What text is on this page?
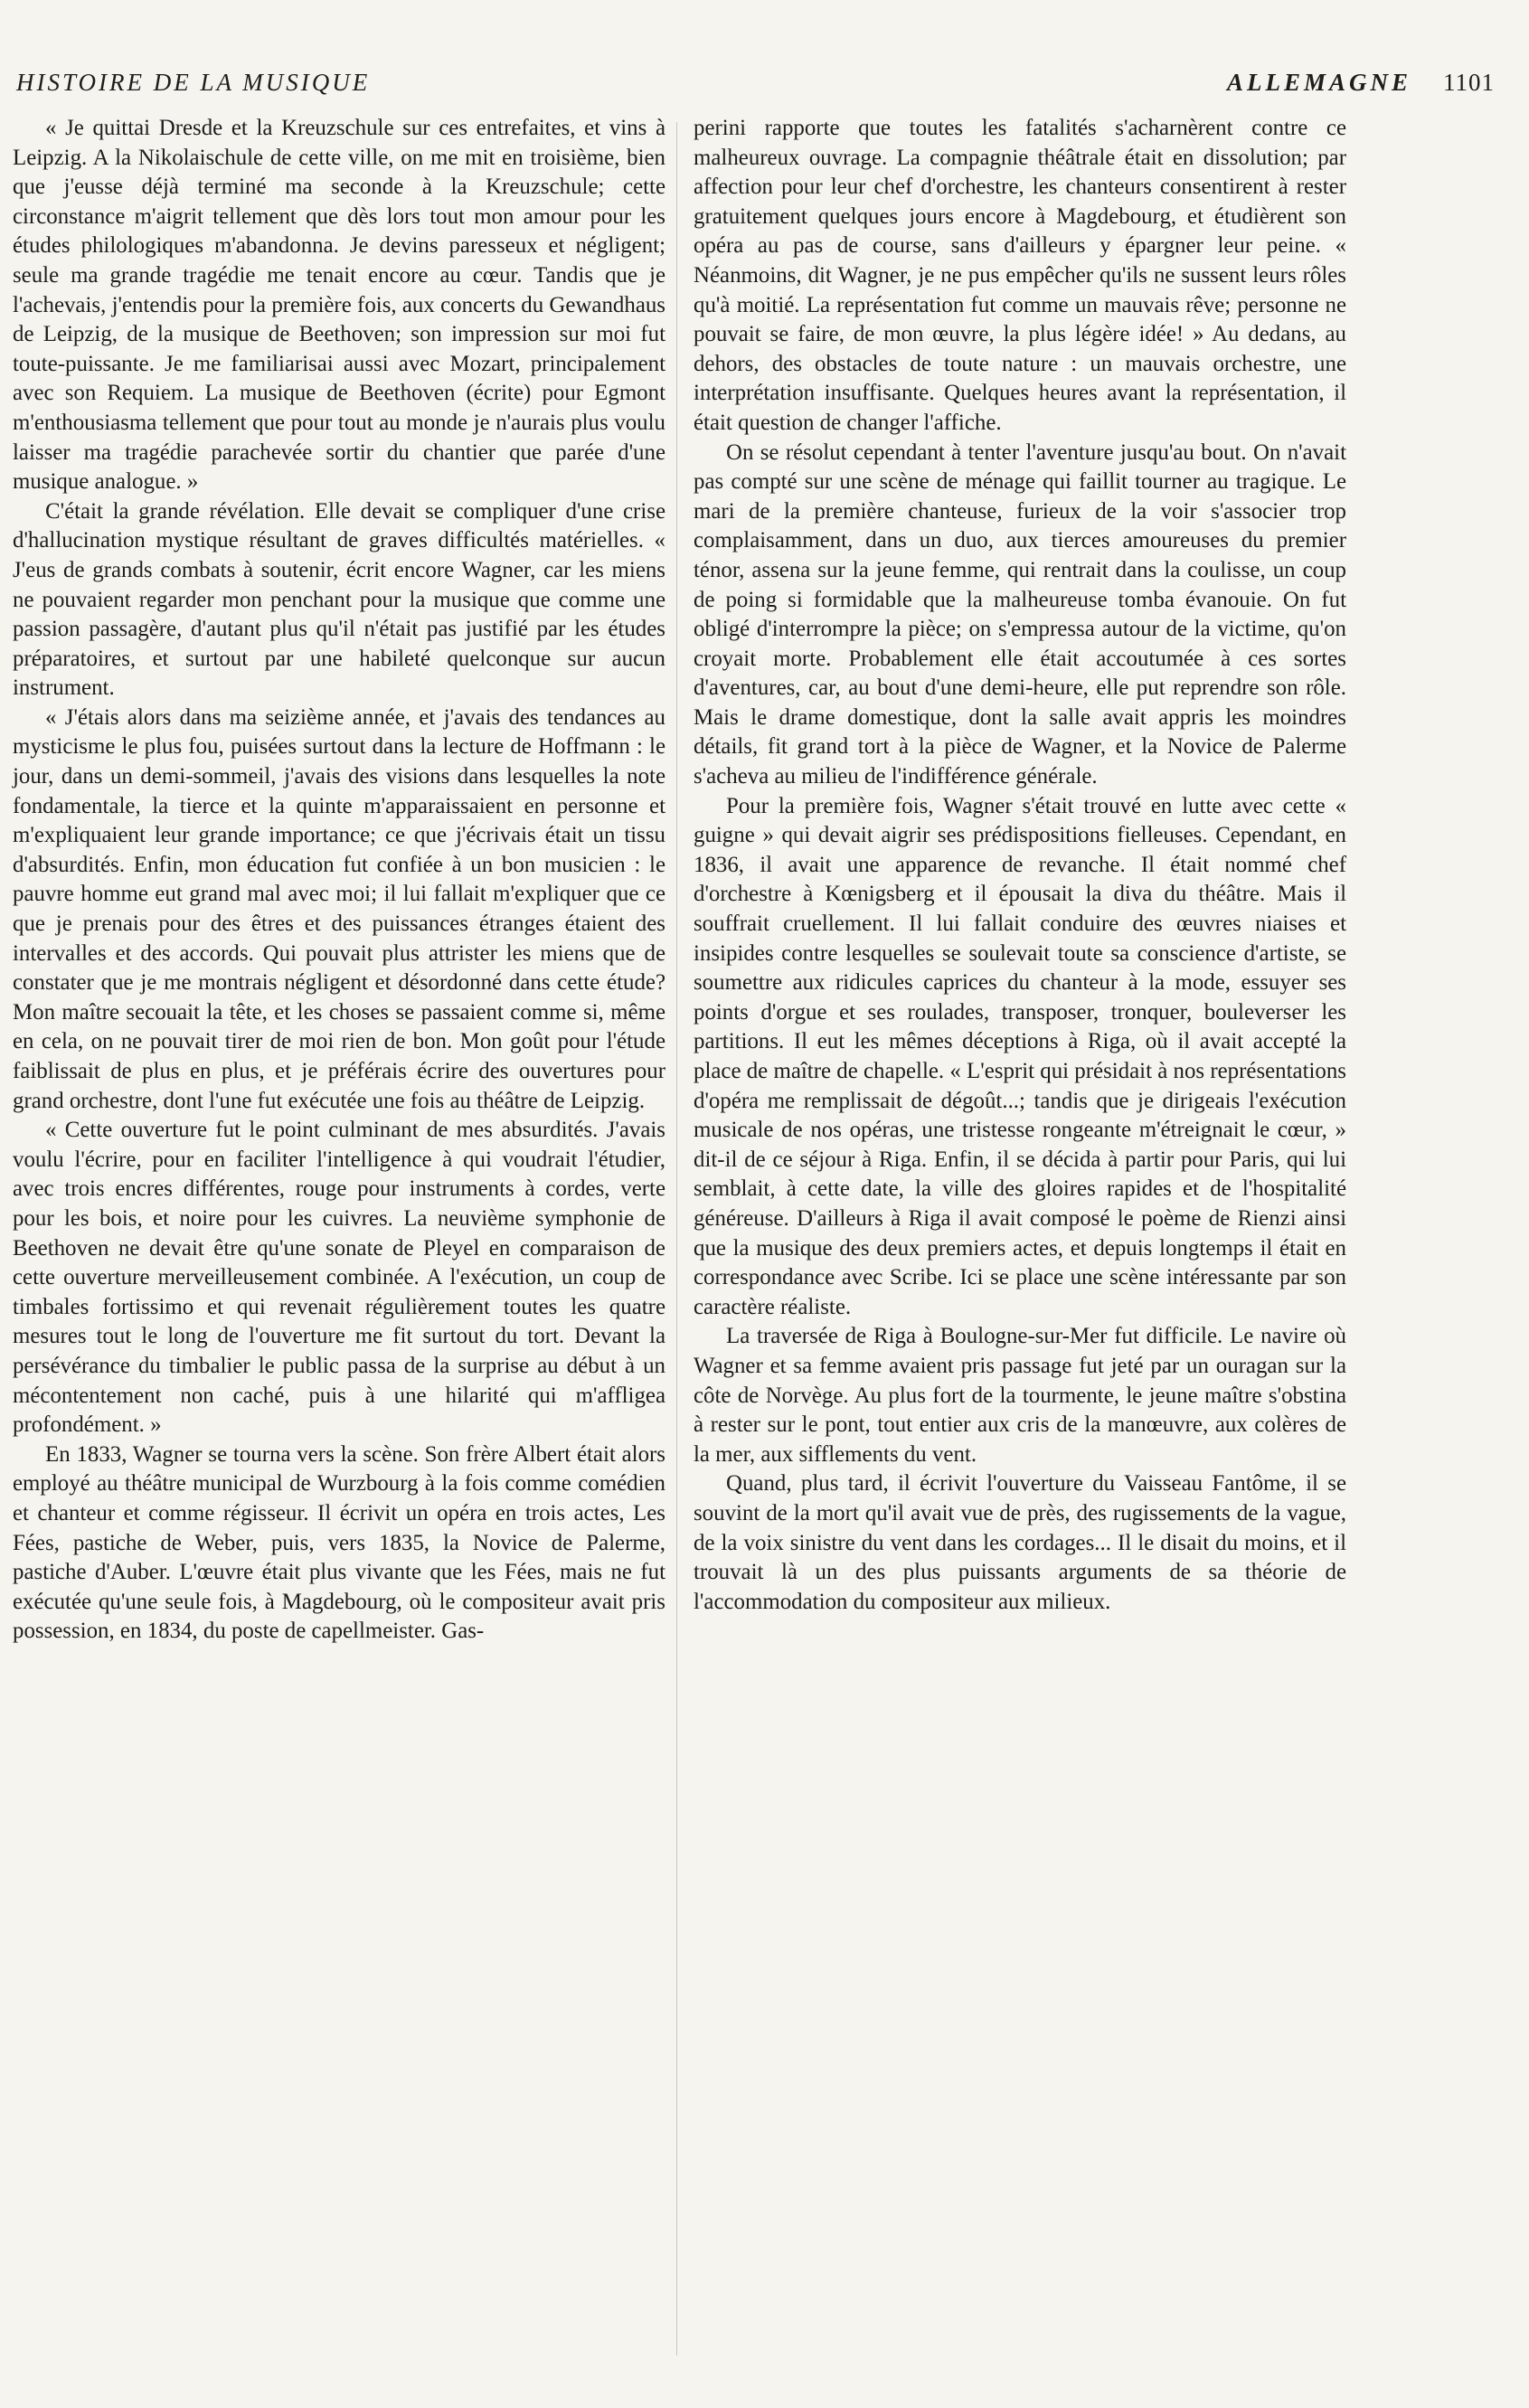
HISTOIRE DE LA MUSIQUE	ALLEMAGNE 1101

« Je quittai Dresde et la Kreuzschule sur ces entrefaites, et vins à Leipzig. A la Nikolaischule de cette ville, on me mit en troisième, bien que j'eusse déjà terminé ma seconde à la Kreuzschule; cette circonstance m'aigrit tellement que dès lors tout mon amour pour les études philologiques m'abandonna. Je devins paresseux et négligent; seule ma grande tragédie me tenait encore au cœur. Tandis que je l'achevais, j'entendis pour la première fois, aux concerts du Gewandhaus de Leipzig, de la musique de Beethoven; son impression sur moi fut toute-puissante. Je me familiarisai aussi avec Mozart, principalement avec son Requiem. La musique de Beethoven (écrite) pour Egmont m'enthousiasma tellement que pour tout au monde je n'aurais plus voulu laisser ma tragédie parachevée sortir du chantier que parée d'une musique analogue. »

C'était la grande révélation. Elle devait se compliquer d'une crise d'hallucination mystique résultant de graves difficultés matérielles. « J'eus de grands combats à soutenir, écrit encore Wagner, car les miens ne pouvaient regarder mon penchant pour la musique que comme une passion passagère, d'autant plus qu'il n'était pas justifié par les études préparatoires, et surtout par une habileté quelconque sur aucun instrument.

« J'étais alors dans ma seizième année, et j'avais des tendances au mysticisme le plus fou, puisées surtout dans la lecture de Hoffmann : le jour, dans un demi-sommeil, j'avais des visions dans lesquelles la note fondamentale, la tierce et la quinte m'apparaissaient en personne et m'expliquaient leur grande importance; ce que j'écrivais était un tissu d'absurdités. Enfin, mon éducation fut confiée à un bon musicien : le pauvre homme eut grand mal avec moi; il lui fallait m'expliquer que ce que je prenais pour des êtres et des puissances étranges étaient des intervalles et des accords. Qui pouvait plus attrister les miens que de constater que je me montrais négligent et désordonné dans cette étude? Mon maître secouait la tête, et les choses se passaient comme si, même en cela, on ne pouvait tirer de moi rien de bon. Mon goût pour l'étude faiblissait de plus en plus, et je préférais écrire des ouvertures pour grand orchestre, dont l'une fut exécutée une fois au théâtre de Leipzig.

« Cette ouverture fut le point culminant de mes absurdités. J'avais voulu l'écrire, pour en faciliter l'intelligence à qui voudrait l'étudier, avec trois encres différentes, rouge pour instruments à cordes, verte pour les bois, et noire pour les cuivres. La neuvième symphonie de Beethoven ne devait être qu'une sonate de Pleyel en comparaison de cette ouverture merveilleusement combinée. A l'exécution, un coup de timbales fortissimo et qui revenait régulièrement toutes les quatre mesures tout le long de l'ouverture me fit surtout du tort. Devant la persévérance du timbalier le public passa de la surprise au début à un mécontentement non caché, puis à une hilarité qui m'affligea profondément. »

En 1833, Wagner se tourna vers la scène. Son frère Albert était alors employé au théâtre municipal de Wurzbourg à la fois comme comédien et chanteur et comme régisseur. Il écrivit un opéra en trois actes, Les Fées, pastiche de Weber, puis, vers 1835, la Novice de Palerme, pastiche d'Auber. L'œuvre était plus vivante que les Fées, mais ne fut exécutée qu'une seule fois, à Magdebourg, où le compositeur avait pris possession, en 1834, du poste de capellmeister. Gas-

perini rapporte que toutes les fatalités s'acharnèrent contre ce malheureux ouvrage. La compagnie théâtrale était en dissolution; par affection pour leur chef d'orchestre, les chanteurs consentirent à rester gratuitement quelques jours encore à Magdebourg, et étudièrent son opéra au pas de course, sans d'ailleurs y épargner leur peine. « Néanmoins, dit Wagner, je ne pus empêcher qu'ils ne sussent leurs rôles qu'à moitié. La représentation fut comme un mauvais rêve; personne ne pouvait se faire, de mon œuvre, la plus légère idée! » Au dedans, au dehors, des obstacles de toute nature : un mauvais orchestre, une interprétation insuffisante. Quelques heures avant la représentation, il était question de changer l'affiche.

On se résolut cependant à tenter l'aventure jusqu'au bout. On n'avait pas compté sur une scène de ménage qui faillit tourner au tragique. Le mari de la première chanteuse, furieux de la voir s'associer trop complaisamment, dans un duo, aux tierces amoureuses du premier ténor, assena sur la jeune femme, qui rentrait dans la coulisse, un coup de poing si formidable que la malheureuse tomba évanouie. On fut obligé d'interrompre la pièce; on s'empressa autour de la victime, qu'on croyait morte. Probablement elle était accoutumée à ces sortes d'aventures, car, au bout d'une demi-heure, elle put reprendre son rôle. Mais le drame domestique, dont la salle avait appris les moindres détails, fit grand tort à la pièce de Wagner, et la Novice de Palerme s'acheva au milieu de l'indifférence générale.

Pour la première fois, Wagner s'était trouvé en lutte avec cette « guigne » qui devait aigrir ses prédispositions fielleuses. Cependant, en 1836, il avait une apparence de revanche. Il était nommé chef d'orchestre à Kœnigsberg et il épousait la diva du théâtre. Mais il souffrait cruellement. Il lui fallait conduire des œuvres niaises et insipides contre lesquelles se soulevait toute sa conscience d'artiste, se soumettre aux ridicules caprices du chanteur à la mode, essuyer ses points d'orgue et ses roulades, transposer, tronquer, bouleverser les partitions. Il eut les mêmes déceptions à Riga, où il avait accepté la place de maître de chapelle. « L'esprit qui présidait à nos représentations d'opéra me remplissait de dégoût...; tandis que je dirigeais l'exécution musicale de nos opéras, une tristesse rongeante m'étreignait le cœur, » dit-il de ce séjour à Riga. Enfin, il se décida à partir pour Paris, qui lui semblait, à cette date, la ville des gloires rapides et de l'hospitalité généreuse. D'ailleurs à Riga il avait composé le poème de Rienzi ainsi que la musique des deux premiers actes, et depuis longtemps il était en correspondance avec Scribe. Ici se place une scène intéressante par son caractère réaliste.

La traversée de Riga à Boulogne-sur-Mer fut difficile. Le navire où Wagner et sa femme avaient pris passage fut jeté par un ouragan sur la côte de Norvège. Au plus fort de la tourmente, le jeune maître s'obstina à rester sur le pont, tout entier aux cris de la manœuvre, aux colères de la mer, aux sifflements du vent.

Quand, plus tard, il écrivit l'ouverture du Vaisseau Fantôme, il se souvint de la mort qu'il avait vue de près, des rugissements de la vague, de la voix sinistre du vent dans les cordages... Il le disait du moins, et il trouvait là un des plus puissants arguments de sa théorie de l'accommodation du compositeur aux milieux.
